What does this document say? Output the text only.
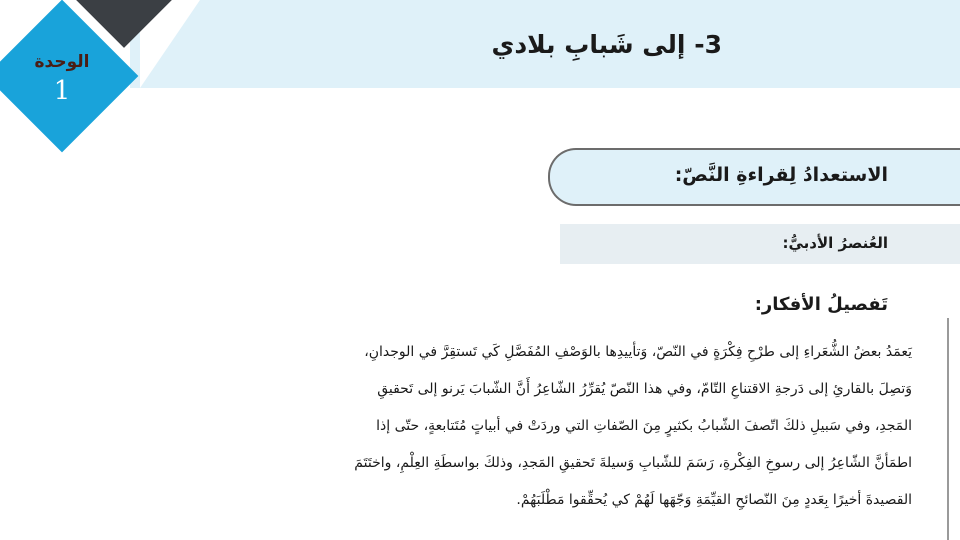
الوحدة
1
3- إلى شَبابِ بلادي
الاستعدادُ لِقراءةِ النَّصّ:
العُنصرُ الأدبيُّ:
تَفصيلُ الأفكار:
يَعمَدُ بعضُ الشُّعَراءِ إلى طرْحِ فِكْرَةٍ في النّصّ، وَتأييدِها بالوَصْفِ المُفَصَّلِ كَي تَستقِرَّ في الوجدانِ،
وَتصِلَ بالقارئِ إلى دَرجةِ الاقتناعِ التّامّ، وفي هذا النّصّ يُقرِّرُ الشّاعِرُ أَنَّ الشّبابَ يَرنو إلى تَحقيقِ
المَجدِ، وفي سَبيلِ ذلكَ اتّصفَ الشّبابُ بكثيرٍ مِنَ الصّفاتِ التي وردَتْ في أبياتٍ مُتَتابعةٍ، حتّى إذا
اطمَأنَّ الشّاعِرُ إلى رسوخِ الفِكْرةِ، رَسَمَ للشّبابِ وَسيلةَ تَحقيقِ المَجدِ، وذلكَ بواسطَةِ العِلْمِ، واختَتَمَ
القصيدةَ أخيرًا بِعَددٍ مِنَ النّصائحِ القيِّمَةِ وَجّهَها لَهُمْ كي يُحقِّقوا مَطْلَبَهُمْ.
